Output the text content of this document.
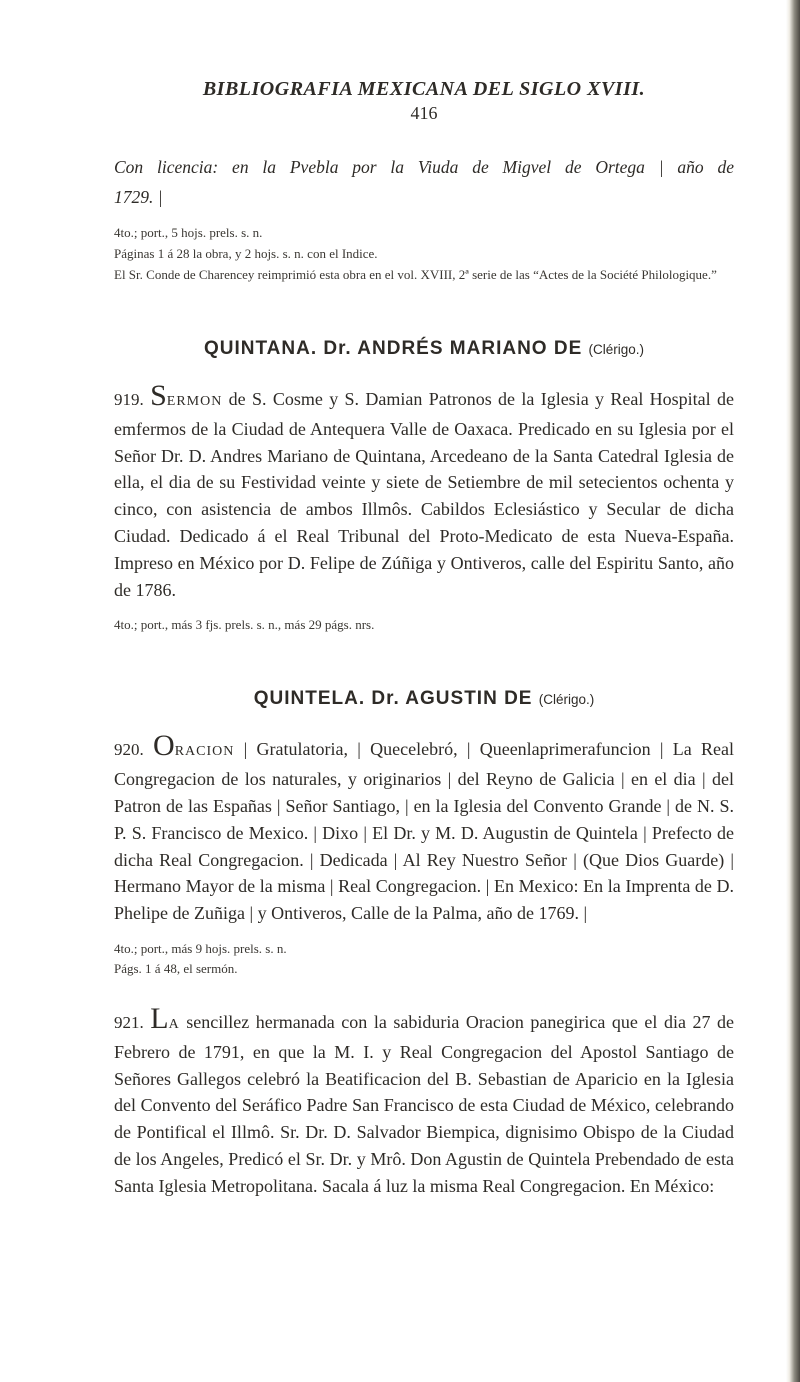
BIBLIOGRAFIA MEXICANA DEL SIGLO XVIII.
416

Con licencia: en la Pvebla por la Viuda de Migvel de Ortega | año de
1729. |

4to.; port., 5 hojs. prels. s. n.

Páginas 1 á 28 la obra, y 2 hojs. s. n. con el Indice.

El Sr. Conde de Charencey reimprimió esta obra en el vol. XVIII, 2ª serie de las “Actes de la Société Philologique.”

QUINTANA. Dr. ANDRÉS MARIANO DE (Clérigo.)

919. SERMON de S. Cosme y S. Damian Patronos de la Iglesia y Real Hospital de emfermos de la Ciudad de Antequera Valle de Oaxaca. Predicado en su Iglesia por el Señor Dr. D. Andres Mariano de Quintana, Arcedeano de la Santa Catedral Iglesia de ella, el dia de su Festividad veinte y siete de Setiembre de mil setecientos ochenta y cinco, con asistencia de ambos Illmôs. Cabildos Eclesiástico y Secular de dicha Ciudad. Dedicado á el Real Tribunal del Proto-Medicato de esta Nueva-España. Impreso en México por D. Felipe de Zúñiga y Ontiveros, calle del Espiritu Santo, año de 1786.

4to.; port., más 3 fjs. prels. s. n., más 29 págs. nrs.

QUINTELA. Dr. AGUSTIN DE (Clérigo.)

920. ORACION | Gratulatoria, | Quecelebró, | Queenlaprimerafuncion | La Real Congregacion de los naturales, y originarios | del Reyno de Galicia | en el dia | del Patron de las Españas | Señor Santiago, | en la Iglesia del Convento Grande | de N. S. P. S. Francisco de Mexico. | Dixo | El Dr. y M. D. Augustin de Quintela | Prefecto de dicha Real Congregacion. | Dedicada | Al Rey Nuestro Señor | (Que Dios Guarde) | Hermano Mayor de la misma | Real Congregacion. | En Mexico: En la Imprenta de D. Phelipe de Zuñiga | y Ontiveros, Calle de la Palma, año de 1769. |

4to.; port., más 9 hojs. prels. s. n.

Págs. 1 á 48, el sermón.

921. LA sencillez hermanada con la sabiduria Oracion panegirica que el dia 27 de Febrero de 1791, en que la M. I. y Real Congregacion del Apostol Santiago de Señores Gallegos celebró la Beatificacion del B. Sebastian de Aparicio en la Iglesia del Convento del Seráfico Padre San Francisco de esta Ciudad de México, celebrando de Pontifical el Illmô. Sr. Dr. D. Salvador Biempica, dignisimo Obispo de la Ciudad de los Angeles, Predicó el Sr. Dr. y Mrô. Don Agustin de Quintela Prebendado de esta Santa Iglesia Metropolitana. Sacala á luz la misma Real Congregacion. En México:
